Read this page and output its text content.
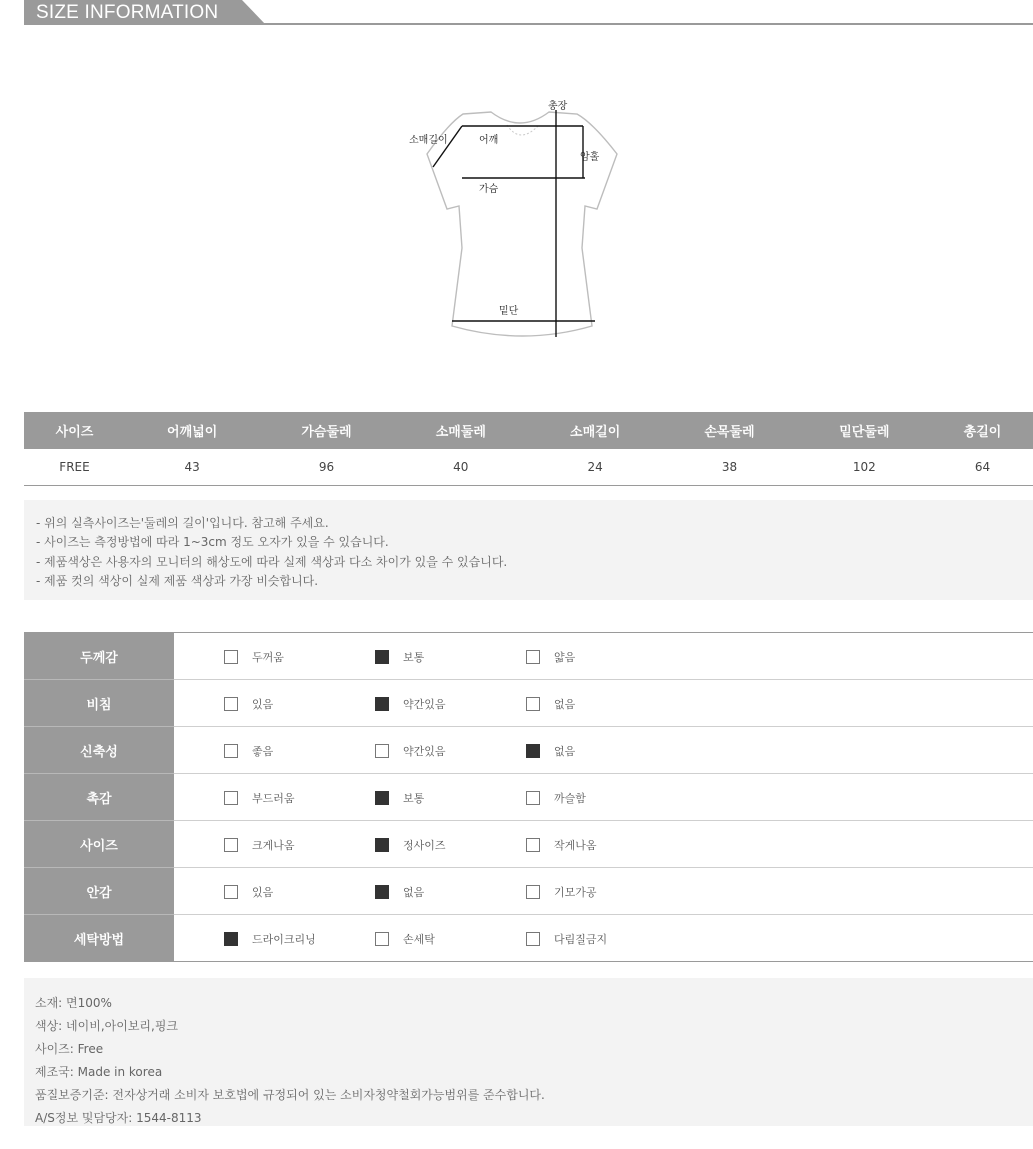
SIZE INFORMATION
총장
소매길이	어깨
암홀
가슴
밑단
사이즈	어깨넓이	가슴둘레	소매둘레	소매길이	손목둘레	밑단둘레	총길이
FREE	43	96	40	24	38	102	64

- 위의 실측사이즈는'둘레의 길이'입니다. 참고해 주세요.

- 사이즈는 측정방법에 따라 1~3cm 정도 오자가 있을 수 있습니다.

- 제품색상은 사용자의 모니터의 해상도에 따라 실제 색상과 다소 차이가 있을 수 있습니다.

- 제품 컷의 색상이 실제 제품 색상과 가장 비슷합니다.

두께감	두꺼움 보통 얇음

비침	있음 약간있음 없음

신축성	좋음 약간있음 없음

촉감	부드러움 보통 까슬함

사이즈	크게나옴 정사이즈 작게나옴

안감	있음 없음 기모가공

세탁방법	드라이크리닝 손세탁 다림질금지

소재: 면100%

색상: 네이비,아이보리,핑크

사이즈: Free

제조국: Made in korea

품질보증기준: 전자상거래 소비자 보호법에 규정되어 있는 소비자청약철회가능범위를 준수합니다.

A/S정보 및담당자: 1544-8113
